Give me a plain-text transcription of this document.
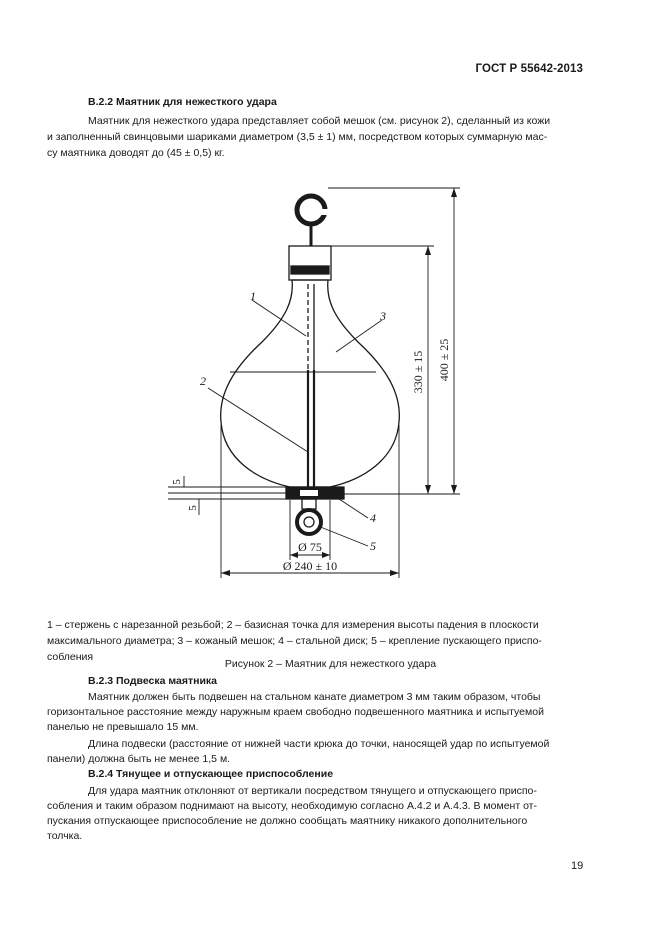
ГОСТ Р 55642-2013
В.2.2 Маятник для нежесткого удара
Маятник для нежесткого удара представляет собой мешок (см. рисунок 2), сделанный из кожи
и заполненный свинцовыми шариками диаметром (3,5 ± 1) мм, посредством которых суммарную мас-
су маятника доводят до (45 ± 0,5) кг.
400 ± 25
330 ± 15
Ø 240 ± 10
Ø 75
5
5
1
2
3
4
5
1 – стержень с нарезанной резьбой; 2 – базисная точка для измерения высоты падения в плоскости
максимального диаметра; 3 – кожаный мешок; 4 – стальной диск; 5 – крепление пускающего приспо-
собления
Рисунок 2 – Маятник для нежесткого удара
В.2.3 Подвеска маятника
Маятник должен быть подвешен на стальном канате диаметром 3 мм таким образом, чтобы
горизонтальное расстояние между наружным краем свободно подвешенного маятника и испытуемой
панелью не превышало 15 мм.
Длина подвески (расстояние от нижней части крюка до точки, наносящей удар по испытуемой
панели) должна быть не менее 1,5 м.
В.2.4 Тянущее и отпускающее приспособление
Для удара маятник отклоняют от вертикали посредством тянущего и отпускающего приспо-
собления и таким образом поднимают на высоту, необходимую согласно А.4.2 и А.4.3. В момент от-
пускания отпускающее приспособление не должно сообщать маятнику никакого дополнительного
толчка.
19
